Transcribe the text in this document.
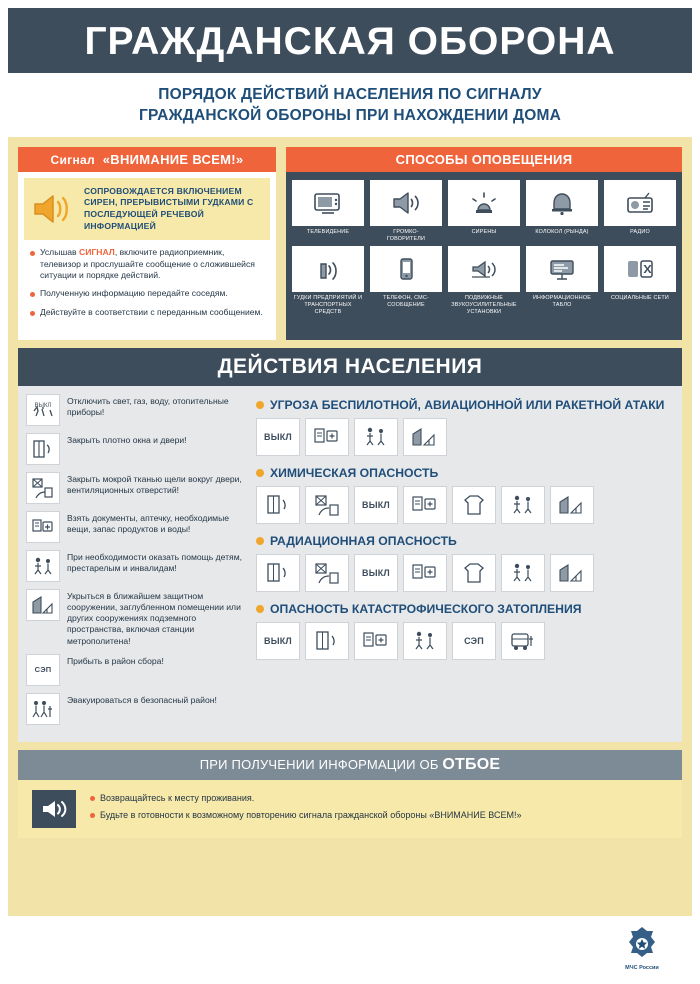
ГРАЖДАНСКАЯ ОБОРОНА

ПОРЯДОК ДЕЙСТВИЙ НАСЕЛЕНИЯ ПО СИГНАЛУ
ГРАЖДАНСКОЙ ОБОРОНЫ ПРИ НАХОЖДЕНИИ ДОМА

Сигнал «ВНИМАНИЕ ВСЕМ!»
СОПРОВОЖДАЕТСЯ ВКЛЮЧЕНИЕМ СИРЕН, ПРЕРЫВИСТЫМИ ГУДКАМИ С ПОСЛЕДУЮЩЕЙ РЕЧЕВОЙ ИНФОРМАЦИЕЙ
Услышав СИГНАЛ, включите радиоприемник, телевизор и прослушайте сообщение о сложившейся ситуации и порядке действий.
Полученную информацию передайте соседям.
Действуйте в соответствии с переданным сообщением.
СПОСОБЫ ОПОВЕЩЕНИЯ
ТЕЛЕВИДЕНИЕ	ГРОМКО-
ГОВОРИТЕЛИ
СИРЕНЫ	КОЛОКОЛ (РЫНДА)	РАДИО
ГУДКИ ПРЕДПРИЯТИЙ И ТРАНСПОРТНЫХ СРЕДСТВ
ТЕЛЕФОН, СМС-СООБЩЕНИЕ
ПОДВИЖНЫЕ ЗВУКОУСИЛИТЕЛЬНЫЕ УСТАНОВКИ
ИНФОРМАЦИОННОЕ ТАБЛО
СОЦИАЛЬНЫЕ СЕТИ
ДЕЙСТВИЯ НАСЕЛЕНИЯ
ВЫКЛ Отключить свет, газ, воду, отопительные приборы!
Закрыть плотно окна и двери!
Закрыть мокрой тканью щели вокруг двери, вентиляционных отверстий!
Взять документы, аптечку, необходимые вещи, запас продуктов и воды!
При необходимости оказать помощь детям, престарелым и инвалидам!
Укрыться в ближайшем защитном сооружении, заглубленном помещении или других сооружениях подземного пространства, включая станции метрополитена!
СЭП
Прибыть в район сбора!
Эвакуироваться в безопасный район!
УГРОЗА БЕСПИЛОТНОЙ, АВИАЦИОННОЙ ИЛИ РАКЕТНОЙ АТАКИ
ВЫКЛ
ХИМИЧЕСКАЯ ОПАСНОСТЬ
ВЫКЛ
РАДИАЦИОННАЯ ОПАСНОСТЬ
ВЫКЛ
ОПАСНОСТЬ КАТАСТРОФИЧЕСКОГО ЗАТОПЛЕНИЯ
ВЫКЛ	СЭП
ПРИ ПОЛУЧЕНИИ ИНФОРМАЦИИ ОБ ОТБОЕ
Возвращайтесь к месту проживания.
Будьте в готовности к возможному повторению сигнала гражданской обороны «ВНИМАНИЕ ВСЕМ!»
МЧС России
